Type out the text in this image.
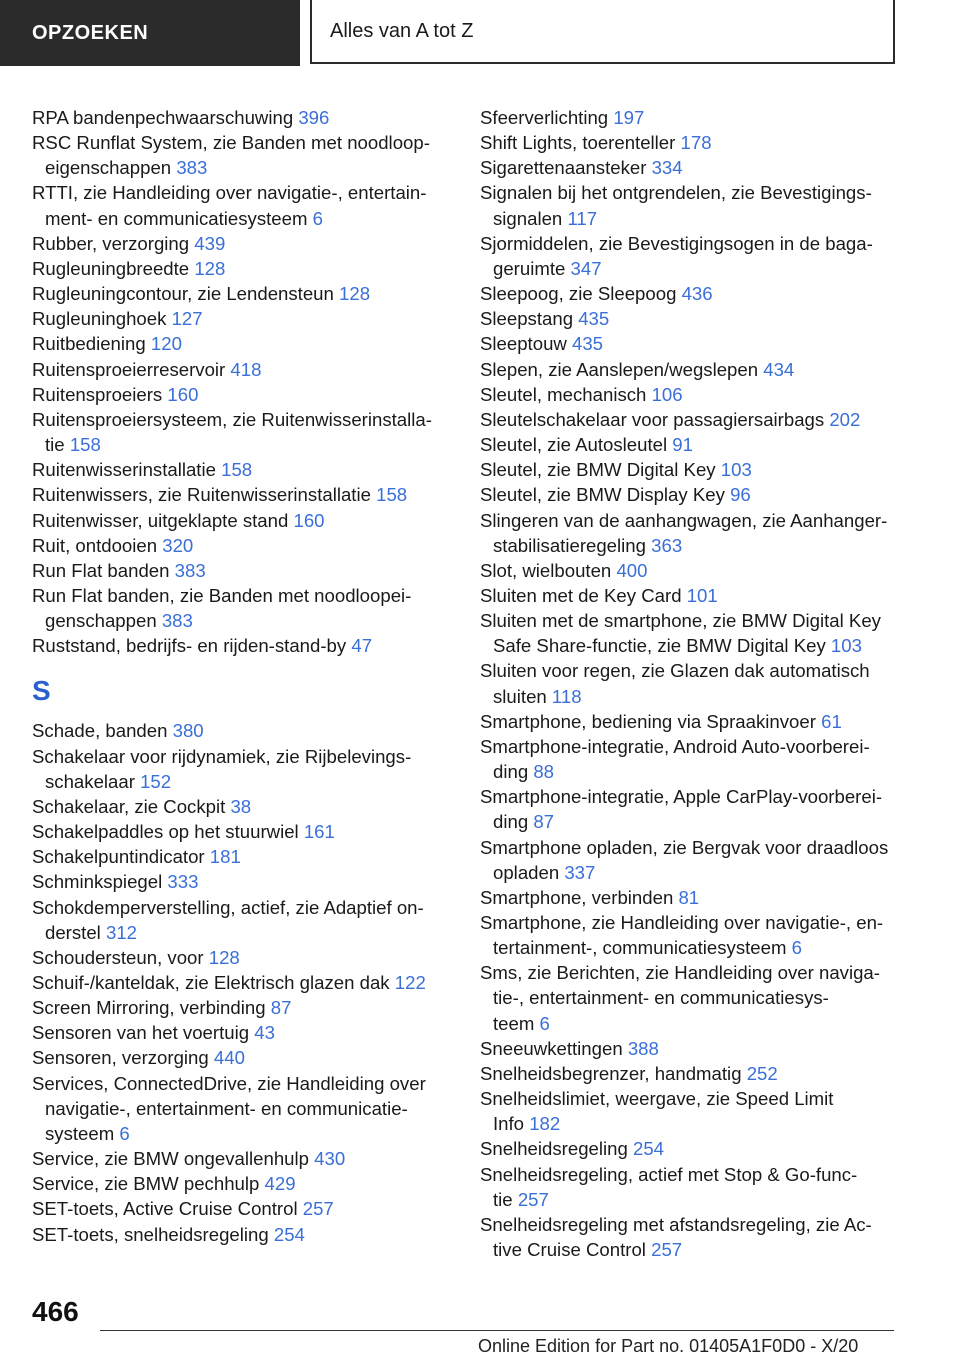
OPZOEKEN	Alles van A tot Z
RPA bandenpechwaarschuwing 396
RSC Runflat System, zie Banden met noodloop-
eigenschappen 383
RTTI, zie Handleiding over navigatie-, entertain-
ment- en communicatiesysteem 6
Rubber, verzorging 439
Rugleuningbreedte 128
Rugleuningcontour, zie Lendensteun 128
Rugleuninghoek 127
Ruitbediening 120
Ruitensproeierreservoir 418
Ruitensproeiers 160
Ruitensproeiersysteem, zie Ruitenwisserinstalla-
tie 158
Ruitenwisserinstallatie 158
Ruitenwissers, zie Ruitenwisserinstallatie 158
Ruitenwisser, uitgeklapte stand 160
Ruit, ontdooien 320
Run Flat banden 383
Run Flat banden, zie Banden met noodloopei-
genschappen 383
Ruststand, bedrijfs- en rijden-stand-by 47
S
Schade, banden 380
Schakelaar voor rijdynamiek, zie Rijbelevings-
schakelaar 152
Schakelaar, zie Cockpit 38
Schakelpaddles op het stuurwiel 161
Schakelpuntindicator 181
Schminkspiegel 333
Schokdemperverstelling, actief, zie Adaptief on-
derstel 312
Schoudersteun, voor 128
Schuif-/kanteldak, zie Elektrisch glazen dak 122
Screen Mirroring, verbinding 87
Sensoren van het voertuig 43
Sensoren, verzorging 440
Services, ConnectedDrive, zie Handleiding over
navigatie-, entertainment- en communicatie-
systeem 6
Service, zie BMW ongevallenhulp 430
Service, zie BMW pechhulp 429
SET-toets, Active Cruise Control 257
SET-toets, snelheidsregeling 254
Sfeerverlichting 197
Shift Lights, toerenteller 178
Sigarettenaansteker 334
Signalen bij het ontgrendelen, zie Bevestigings-
signalen 117
Sjormiddelen, zie Bevestigingsogen in de baga-
geruimte 347
Sleepoog, zie Sleepoog 436
Sleepstang 435
Sleeptouw 435
Slepen, zie Aanslepen/wegslepen 434
Sleutel, mechanisch 106
Sleutelschakelaar voor passagiersairbags 202
Sleutel, zie Autosleutel 91
Sleutel, zie BMW Digital Key 103
Sleutel, zie BMW Display Key 96
Slingeren van de aanhangwagen, zie Aanhanger-
stabilisatieregeling 363
Slot, wielbouten 400
Sluiten met de Key Card 101
Sluiten met de smartphone, zie BMW Digital Key
Safe Share-functie, zie BMW Digital Key 103
Sluiten voor regen, zie Glazen dak automatisch
sluiten 118
Smartphone, bediening via Spraakinvoer 61
Smartphone-integratie, Android Auto-voorberei-
ding 88
Smartphone-integratie, Apple CarPlay-voorberei-
ding 87
Smartphone opladen, zie Bergvak voor draadloos
opladen 337
Smartphone, verbinden 81
Smartphone, zie Handleiding over navigatie-, en-
tertainment-, communicatiesysteem 6
Sms, zie Berichten, zie Handleiding over naviga-
tie-, entertainment- en communicatiesys-
teem 6
Sneeuwkettingen 388
Snelheidsbegrenzer, handmatig 252
Snelheidslimiet, weergave, zie Speed Limit
Info 182
Snelheidsregeling 254
Snelheidsregeling, actief met Stop & Go-func-
tie 257
Snelheidsregeling met afstandsregeling, zie Ac-
tive Cruise Control 257
466
Online Edition for Part no. 01405A1F0D0 - X/20
